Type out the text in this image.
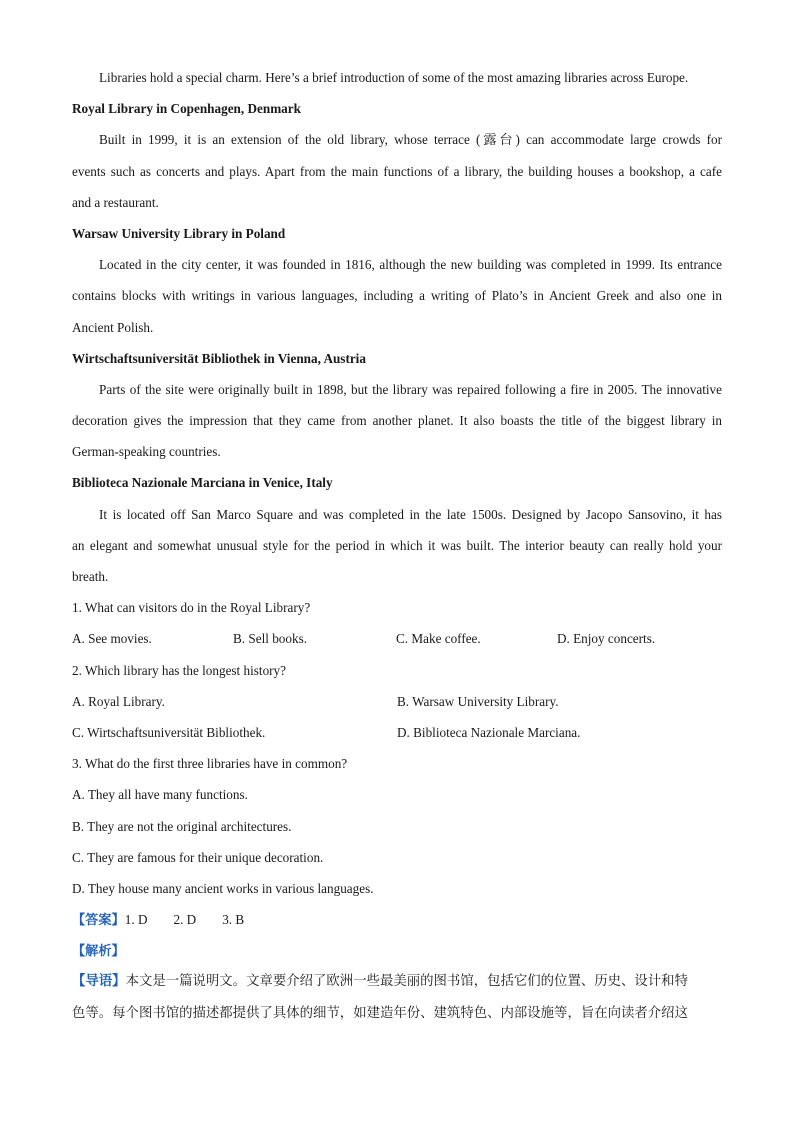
Libraries hold a special charm. Here’s a brief introduction of some of the most amazing libraries across Europe.
Royal Library in Copenhagen, Denmark
Built in 1999, it is an extension of the old library, whose terrace (露台) can accommodate large crowds for
events such as concerts and plays. Apart from the main functions of a library, the building houses a bookshop, a cafe
and a restaurant.
Warsaw University Library in Poland
Located in the city center, it was founded in 1816, although the new building was completed in 1999. Its entrance
contains blocks with writings in various languages, including a writing of Plato’s in Ancient Greek and also one in
Ancient Polish.
Wirtschaftsuniversität Bibliothek in Vienna, Austria
Parts of the site were originally built in 1898, but the library was repaired following a fire in 2005. The innovative
decoration gives the impression that they came from another planet. It also boasts the title of the biggest library in
German-speaking countries.
Biblioteca Nazionale Marciana in Venice, Italy
It is located off San Marco Square and was completed in the late 1500s. Designed by Jacopo Sansovino, it has
an elegant and somewhat unusual style for the period in which it was built. The interior beauty can really hold your
breath.
1. What can visitors do in the Royal Library?
A. See movies.	B. Sell books.	C. Make coffee.	D. Enjoy concerts.
2. Which library has the longest history?
A. Royal Library.	B. Warsaw University Library.
C. Wirtschaftsuniversität Bibliothek.	D. Biblioteca Nazionale Marciana.
3. What do the first three libraries have in common?
A. They all have many functions.
B. They are not the original architectures.
C. They are famous for their unique decoration.
D. They house many ancient works in various languages.
【答案】1. D 2. D 3. B
【解析】
【导语】本文是一篇说明文。文章要介绍了欧洲一些最美丽的图书馆，包括它们的位置、历史、设计和特
色等。每个图书馆的描述都提供了具体的细节，如建造年份、建筑特色、内部设施等，旨在向读者介绍这
